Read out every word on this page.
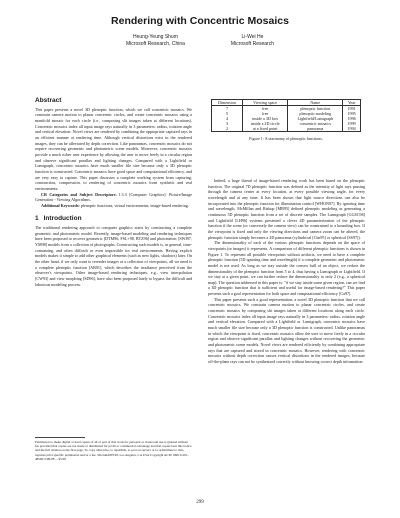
Rendering with Concentric Mosaics
Heung-Yeung Shum
Microsoft Research, China
Li-Wei He
Microsoft Research
Abstract

This paper presents a novel 3D plenoptic function, which we call concentric mosaics. We constrain camera motion to planar concentric circles, and create concentric mosaics using a manifold mosaic for each circle (i.e., composing slit images taken at different locations). Concentric mosaics index all input image rays naturally in 3 parameters: radius, rotation angle and vertical elevation. Novel views are rendered by combining the appropriate captured rays in an efficient manner at rendering time. Although vertical distortions exist in the rendered images, they can be alleviated by depth correction. Like panoramas, concentric mosaics do not require recovering geometric and photometric scene models. Moreover, concentric mosaics provide a much richer user experience by allowing the user to move freely in a circular region and observe significant parallax and lighting changes. Compared with a Lightfield or Lumigraph, concentric mosaics have much smaller file size because only a 3D plenoptic function is constructed. Concentric mosaics have good space and computational efficiency, and are very easy to capture. This paper discusses a complete working system from capturing, construction, compression, to rendering of concentric mosaics from synthetic and real environments.

CR Categories and Subject Descriptors: I.3.3 [Computer Graphics]: Picture/Image Generation - Viewing Algorithms.

Additional Keywords: plenoptic functions, virtual environments, image-based rendering.

1 Introduction

The traditional rendering approach to computer graphics starts by constructing a complete geometric and photometric model. Recently, image-based modeling and rendering techniques have been proposed to recover geometric [DTM96, FSL+98, BTZ96] and photometric [SWI97, YM98] models from a collection of photographs. Constructing such models is, in general, time-consuming, and often difficult or even impossible for real environments. Having explicit models makes it simple to add other graphical elements (such as new lights, shadows) later. On the other hand, if we only want to rerender images at a collection of viewpoints, all we need is a complete plenoptic function [AB91], which describes the irradiance perceived from the observer's viewpoints. Other image-based rendering techniques, e.g., view interpolation [CW93] and view morphing [SD96], have also been proposed lately to bypass the difficult and laborious modeling process.

Dimension	Viewing space	Name	Year
7	free	plenoptic function	1991
5	free	plenoptic modeling	1995
4	inside a 3D box	Lightfield/Lumigraph	1996
3	inside a 2D circle	concentric mosaics	1999
2	at a fixed point	panorama	1994
Figure 1: A taxonomy of plenoptic functions.

Indeed, a large thread of image-based rendering work has been based on the plenoptic function. The original 7D plenoptic function was defined as the intensity of light rays passing through the camera center at every location, at every possible viewing angle, for every wavelength and at any time. It has been shown that light source directions can also be incorporated into the plenoptic function for illumination control [WHON97]. By ignoring time and wavelength, McMillan and Bishop [MB95] defined plenoptic modeling as generating a continuous 5D plenoptic function from a set of discrete samples. The Lumigraph [GGSC96] and Lightfield [LH96] systems presented a clever 4D parameterization of the plenoptic function if the scene (or conversely the camera view) can be constrained to a bounding box. If the viewpoint is fixed and only the viewing directions and camera zoom can be altered, the plenoptic function simply becomes a 2D panorama (cylindrical [Che95] or spherical [SS97]).

The dimensionality of each of the various plenoptic functions depends on the space of viewpoints (or images) it represents. A comparison of different plenoptic functions is shown in Figure 1. To represent all possible viewpoints without artifacts, we need to have a complete plenoptic function (5D ignoring time and wavelength) if a complete geometric and photometric model is not used. As long as we stay outside the convex hull of an object, we reduce the dimensionality of the plenoptic function from 5 to 4, thus having a Lumigraph or Lightfield. If we stay at a given point, we can further reduce the dimensionality to only 2 (e.g., a spherical map). The question addressed in this paper is: "if we stay inside some given region, can we find a 3D plenoptic function that is sufficient and useful for image-based rendering?" This paper presents such a goal representation for both space and computational efficiency [Ca97].

This paper presents such a good representation, a novel 3D plenoptic function that we call concentric mosaics. We constrain camera motion to planar concentric circles, and create concentric mosaics by composing slit images taken at different locations along each circle. Concentric mosaics index all input image rays naturally in 3 parameters: radius, rotation angle and vertical elevation. Compared with a Lightfield or Lumigraph, concentric mosaics have much smaller file size because only a 3D plenoptic function is constructed. Unlike panoramas in which the viewpoint is fixed, concentric mosaics allow the user to move freely in a circular region and observe significant parallax and lighting changes without recovering the geometric and photometric scene models. Novel views are rendered efficiently by combining appropriate rays that are captured and stored in concentric mosaics. However, rendering with concentric mosaics without depth correction causes vertical distortions in the rendered images, because off-the-plane rays can not be synthesized correctly without knowing correct depth information.

Permission to make digital or hard copies of all or part of this work for personal or classroom use is granted without fee provided that copies are not made or distributed for profit or commercial advantage and that copies bear this notice and the full citation on the first page. To copy otherwise, to republish, to post on servers or to redistribute to lists, requires prior specific permission and/or a fee. SIGGRAPH 99, Los Angeles, CA USA Copyright ACM 1999 0-201-48560-5/99/08 ... $5.00
299
